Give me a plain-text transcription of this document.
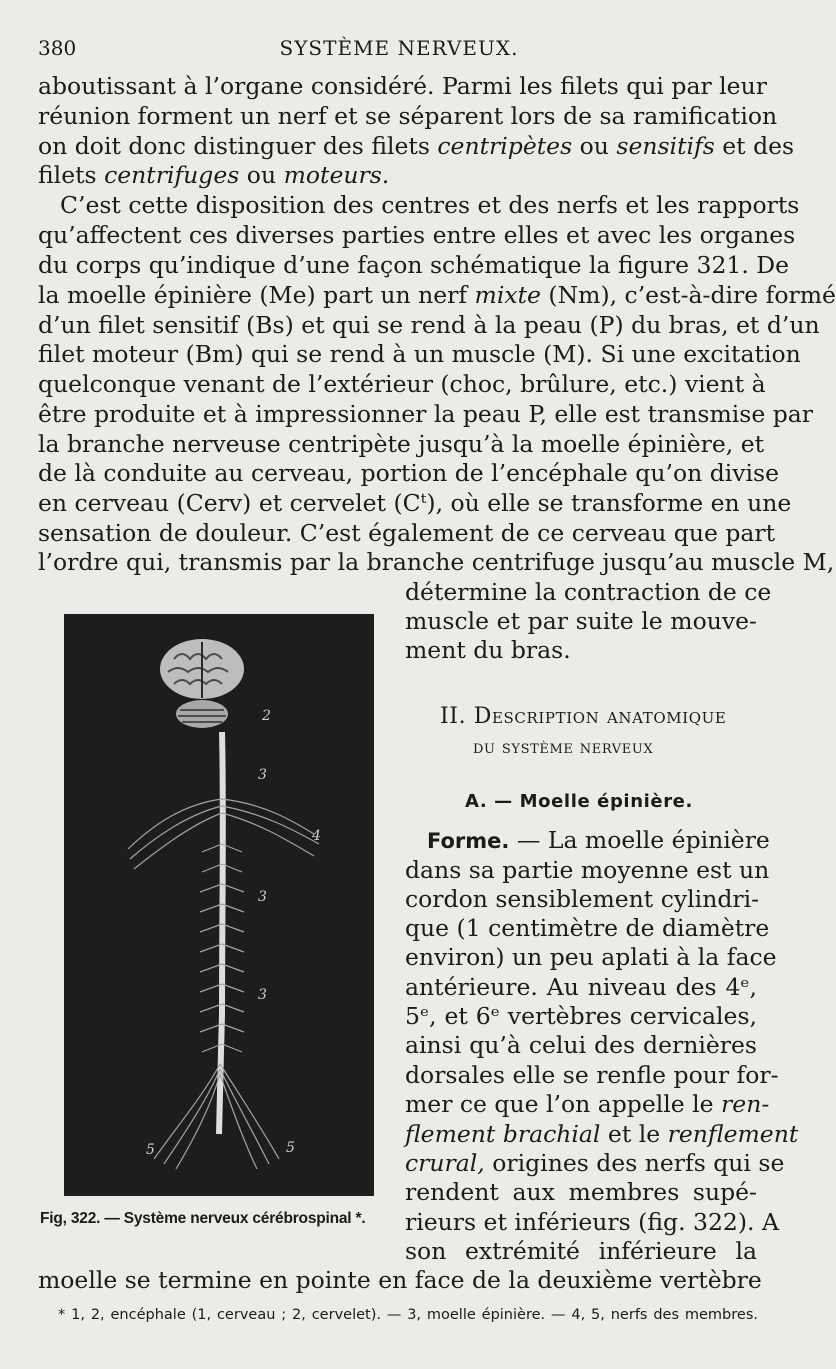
380	SYSTÈME NERVEUX.
aboutissant à l’organe considéré. Parmi les filets qui par leur
réunion forment un nerf et se séparent lors de sa ramification
on doit donc distinguer des filets centripètes ou sensitifs et des
filets centrifuges ou moteurs.
C’est cette disposition des centres et des nerfs et les rapports
qu’affectent ces diverses parties entre elles et avec les organes
du corps qu’indique d’une façon schématique la figure 321. De
la moelle épinière (Me) part un nerf mixte (Nm), c’est-à-dire formé
d’un filet sensitif (Bs) et qui se rend à la peau (P) du bras, et d’un
filet moteur (Bm) qui se rend à un muscle (M). Si une excitation
quelconque venant de l’extérieur (choc, brûlure, etc.) vient à
être produite et à impressionner la peau P, elle est transmise par
la branche nerveuse centripète jusqu’à la moelle épinière, et
de là conduite au cerveau, portion de l’encéphale qu’on divise
en cerveau (Cerv) et cervelet (Cᵗ), où elle se transforme en une
sensation de douleur. C’est également de ce cerveau que part
l’ordre qui, transmis par la branche centrifuge jusqu’au muscle M,
détermine la contraction de ce
muscle et par suite le mouve-
ment du bras.
II. Description anatomique
du système nerveux
A. — Moelle épinière.
Forme. — La moelle épinière
dans sa partie moyenne est un
cordon sensiblement cylindri-
que (1 centimètre de diamètre
environ) un peu aplati à la face
antérieure. Au niveau des 4ᵉ,
5ᵉ, et 6ᵉ vertèbres cervicales,
ainsi qu’à celui des dernières
dorsales elle se renfle pour for-
mer ce que l’on appelle le ren-
flement brachial et le renflement
crural, origines des nerfs qui se
rendent aux membres supé-
rieurs et inférieurs (fig. 322). A
son extrémité inférieure la
moelle se termine en pointe en face de la deuxième vertèbre
2
3
4
3
3
5	5
Fig, 322. — Système nerveux cérébrospinal *.
* 1, 2, encéphale (1, cerveau ; 2, cervelet). — 3, moelle épinière. — 4, 5, nerfs des membres.
